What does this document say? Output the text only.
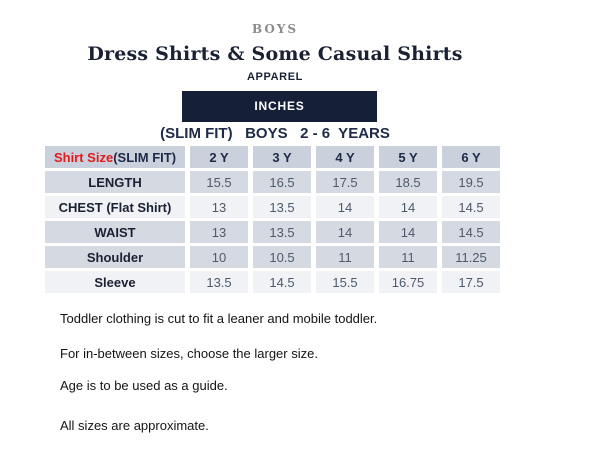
BOYS
Dress Shirts & Some Casual Shirts
APPAREL
INCHES
(SLIM FIT)   BOYS   2 - 6  YEARS
Shirt Size(SLIM FIT)	2 Y	3 Y	4 Y	5 Y	6 Y
LENGTH	15.5	16.5	17.5	18.5	19.5
CHEST (Flat Shirt)	13	13.5	14	14	14.5
WAIST	13	13.5	14	14	14.5
Shoulder	10	10.5	11	11	11.25
Sleeve	13.5	14.5	15.5	16.75	17.5
Toddler clothing is cut to fit a leaner and mobile toddler.
For in-between sizes, choose the larger size.
Age is to be used as a guide.
All sizes are approximate.
